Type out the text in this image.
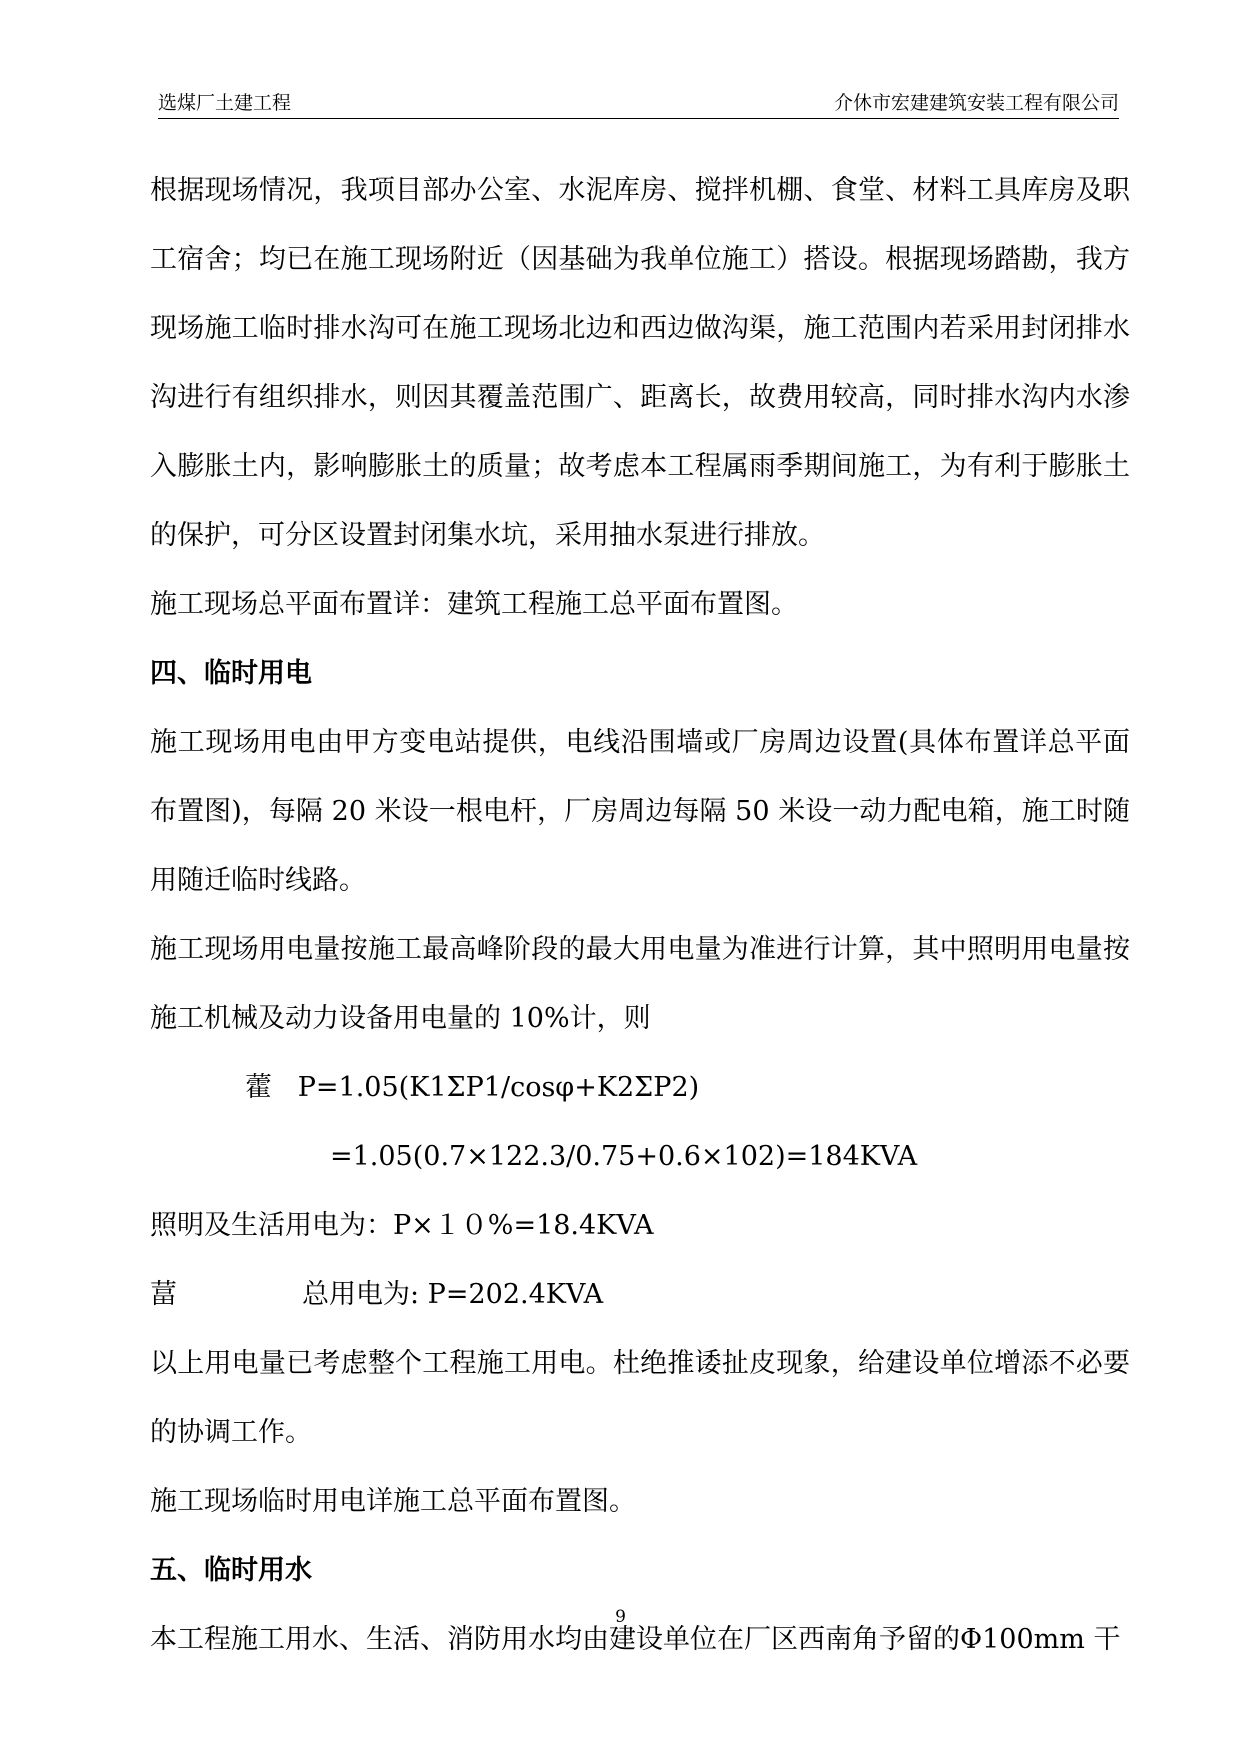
选煤厂土建工程	介休市宏建建筑安装工程有限公司

根据现场情况，我项目部办公室、水泥库房、搅拌机棚、食堂、材料工具库房及职工宿舍；均已在施工现场附近（因基础为我单位施工）搭设。根据现场踏勘，我方现场施工临时排水沟可在施工现场北边和西边做沟渠，施工范围内若采用封闭排水沟进行有组织排水，则因其覆盖范围广、距离长，故费用较高，同时排水沟内水渗入膨胀土内，影响膨胀土的质量；故考虑本工程属雨季期间施工，为有利于膨胀土的保护，可分区设置封闭集水坑，采用抽水泵进行排放。

施工现场总平面布置详：建筑工程施工总平面布置图。

四、临时用电

施工现场用电由甲方变电站提供，电线沿围墙或厂房周边设置(具体布置详总平面布置图)，每隔 20 米设一根电杆，厂房周边每隔 50 米设一动力配电箱，施工时随用随迁临时线路。

施工现场用电量按施工最高峰阶段的最大用电量为准进行计算，其中照明用电量按施工机械及动力设备用电量的 10%计，则

藿 P=1.05(K1ΣP1/cosφ+K2ΣP2)

=1.05(0.7×122.3/0.75+0.6×102)=184KVA

照明及生活用电为：P×１０%=18.4KVA

葍	总用电为: P=202.4KVA

以上用电量已考虑整个工程施工用电。杜绝推诿扯皮现象，给建设单位增添不必要的协调工作。

施工现场临时用电详施工总平面布置图。

五、临时用水

本工程施工用水、生活、消防用水均由建设单位在厂区西南角予留的Φ100mm 干

9
